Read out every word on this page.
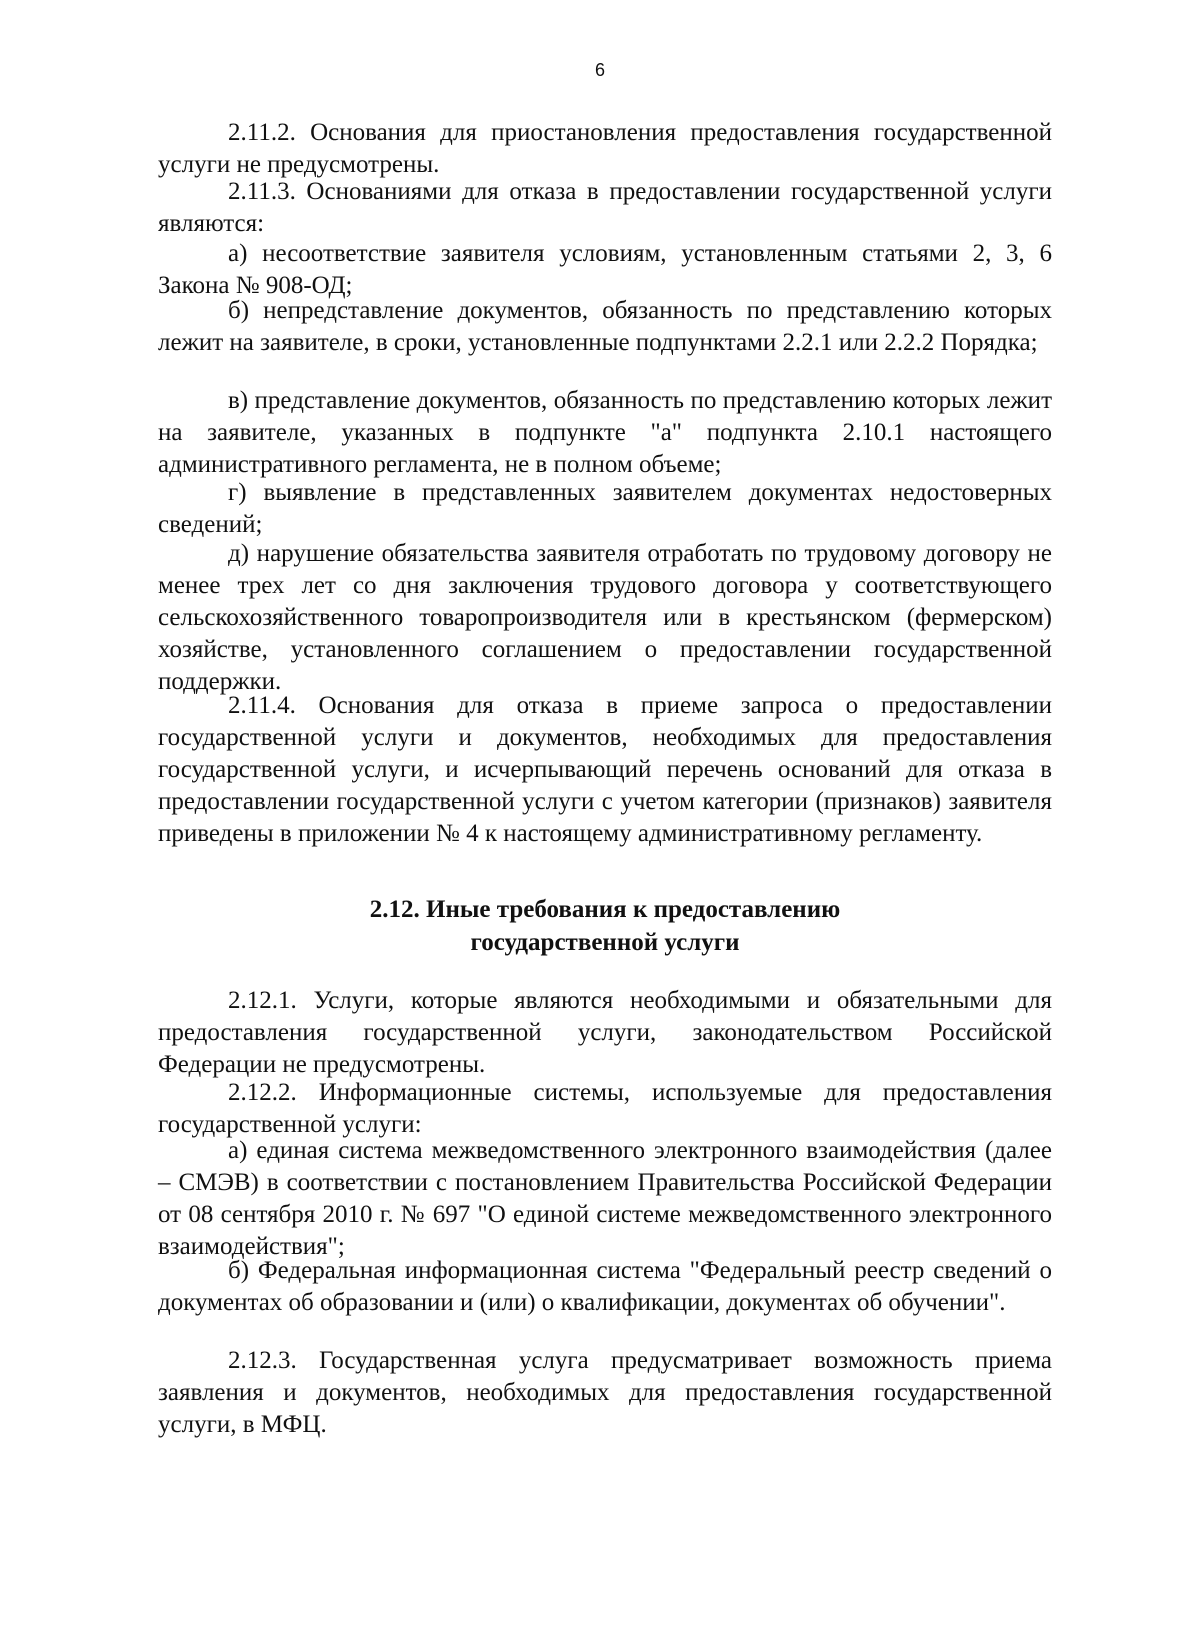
6

2.11.2. Основания для приостановления предоставления государственной услуги не предусмотрены.

2.11.3. Основаниями для отказа в предоставлении государственной услуги являются:

а) несоответствие заявителя условиям, установленным статьями 2, 3, 6 Закона № 908-ОД;

б) непредставление документов, обязанность по представлению которых лежит на заявителе, в сроки, установленные подпунктами 2.2.1 или 2.2.2 Порядка;

в) представление документов, обязанность по представлению которых лежит на заявителе, указанных в подпункте "а" подпункта 2.10.1 настоящего административного регламента, не в полном объеме;

г) выявление в представленных заявителем документах недостоверных сведений;

д) нарушение обязательства заявителя отработать по трудовому договору не менее трех лет со дня заключения трудового договора у соответствующего сельскохозяйственного товаропроизводителя или в крестьянском (фермерском) хозяйстве, установленного соглашением о предоставлении государственной поддержки.

2.11.4. Основания для отказа в приеме запроса о предоставлении государственной услуги и документов, необходимых для предоставления государственной услуги, и исчерпывающий перечень оснований для отказа в предоставлении государственной услуги с учетом категории (признаков) заявителя приведены в приложении № 4 к настоящему административному регламенту.

2.12. Иные требования к предоставлению
государственной услуги

2.12.1. Услуги, которые являются необходимыми и обязательными для предоставления государственной услуги, законодательством Российской Федерации не предусмотрены.

2.12.2. Информационные системы, используемые для предоставления государственной услуги:

а) единая система межведомственного электронного взаимодействия (далее – СМЭВ) в соответствии с постановлением Правительства Российской Федерации от 08 сентября 2010 г. № 697 "О единой системе межведомственного электронного взаимодействия";

б) Федеральная информационная система "Федеральный реестр сведений о документах об образовании и (или) о квалификации, документах об обучении".

2.12.3. Государственная услуга предусматривает возможность приема заявления и документов, необходимых для предоставления государственной услуги, в МФЦ.
